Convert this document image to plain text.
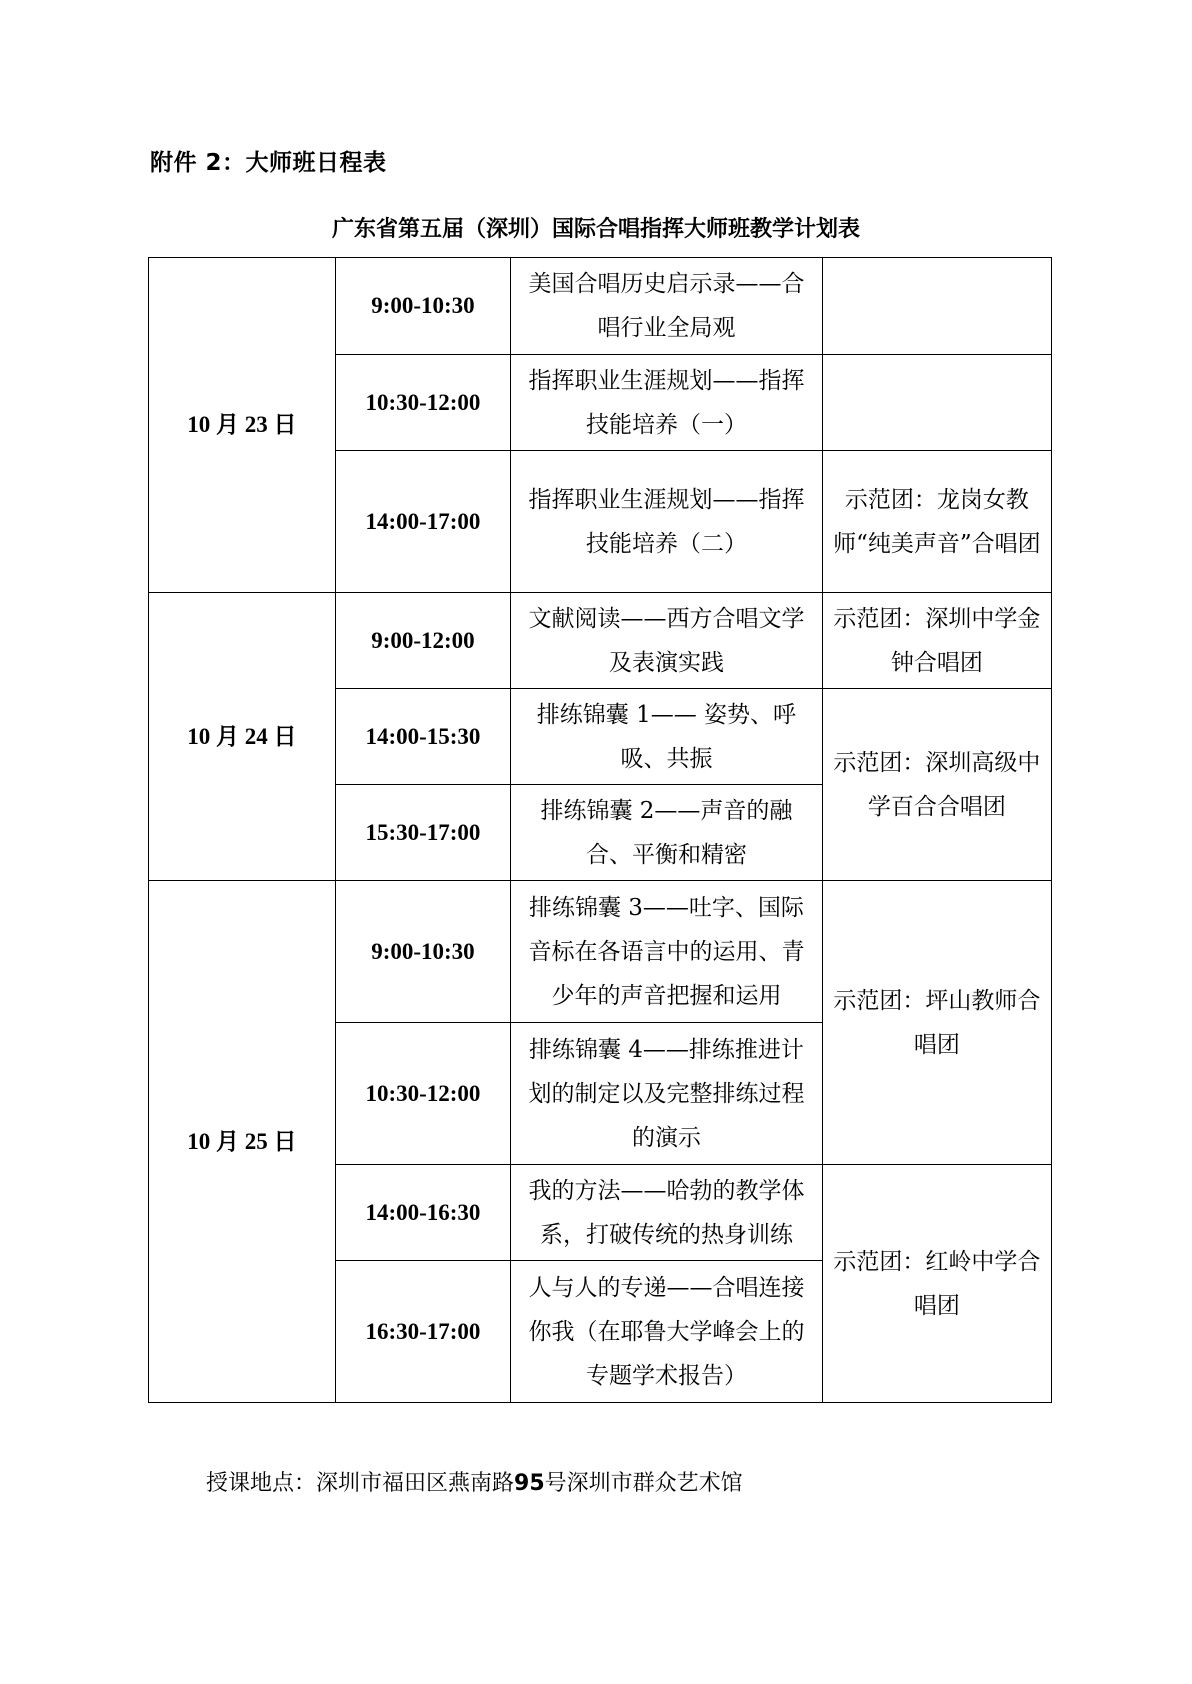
附件 2：大师班日程表
广东省第五届（深圳）国际合唱指挥大师班教学计划表
10 月 23 日	9:00-10:30	美国合唱历史启示录——合唱行业全局观	
	10:30-12:00	指挥职业生涯规划——指挥技能培养（一）	
	14:00-17:00	指挥职业生涯规划——指挥技能培养（二）	示范团：龙岗女教师“纯美声音”合唱团
10 月 24 日	9:00-12:00	文献阅读——西方合唱文学及表演实践	示范团：深圳中学金钟合唱团
	14:00-15:30	排练锦囊 1—— 姿势、呼吸、共振	示范团：深圳高级中学百合合唱团
	15:30-17:00	排练锦囊 2——声音的融合、平衡和精密	
10 月 25 日	9:00-10:30	排练锦囊 3——吐字、国际音标在各语言中的运用、青少年的声音把握和运用	示范团：坪山教师合唱团
	10:30-12:00	排练锦囊 4——排练推进计划的制定以及完整排练过程的演示	
	14:00-16:30	我的方法——哈勃的教学体系，打破传统的热身训练	示范团：红岭中学合唱团
	16:30-17:00	人与人的专递——合唱连接你我（在耶鲁大学峰会上的专题学术报告）	
授课地点：深圳市福田区燕南路95号深圳市群众艺术馆
